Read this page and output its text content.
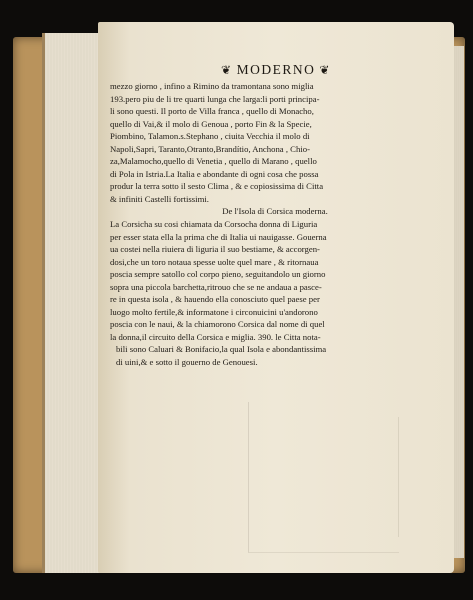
❦ MODERNO ❦
mezzo giorno , infino a Rimino da tramontana sono miglia
193.pero piu de li tre quarti lunga che larga:li porti principa-
li sono questi. Il porto de Villa franca , quello di Monacho,
quello di Vai,& il molo di Genoua , porto Fin & la Specie,
Piombino, Talamon.s.Stephano , ciuita Vecchia il molo di
Napoli,Sapri, Taranto,Otranto,Brandítio, Anchona , Chio-
za,Malamocho,quello di Venetia , quello di Marano , quello
di Pola in Istria.La Italia e abondante di ogni cosa che possa
produr la terra sotto il sesto Clima , & e copiosissima di Citta
& infiniti Castelli fortissimi.
De l'Isola di Corsica moderna.
La Corsicha su cosi chiamata da Corsocha donna di Liguria
per esser stata ella la prima che di Italia ui nauigasse. Gouerna
ua costei nella riuiera di liguria il suo bestiame, & accorgen-
dosi,che un toro notaua spesse uolte quel mare , & ritornaua
poscia sempre satollo col corpo pieno, seguitandolo un giorno
sopra una piccola barchetta,ritrouo che se ne andaua a pasce-
re in questa isola , & hauendo ella conosciuto quel paese per
luogo molto fertile,& informatone i circonuicini u'andorono
poscia con le naui, & la chiamorono Corsica dal nome di quel
la donna,il circuito della Corsica e miglia. 390. le Citta nota-
bili sono Caluari & Bonifacio,la qual Isola e abondantissima
di uini,& e sotto il gouerno de Genouesi.
